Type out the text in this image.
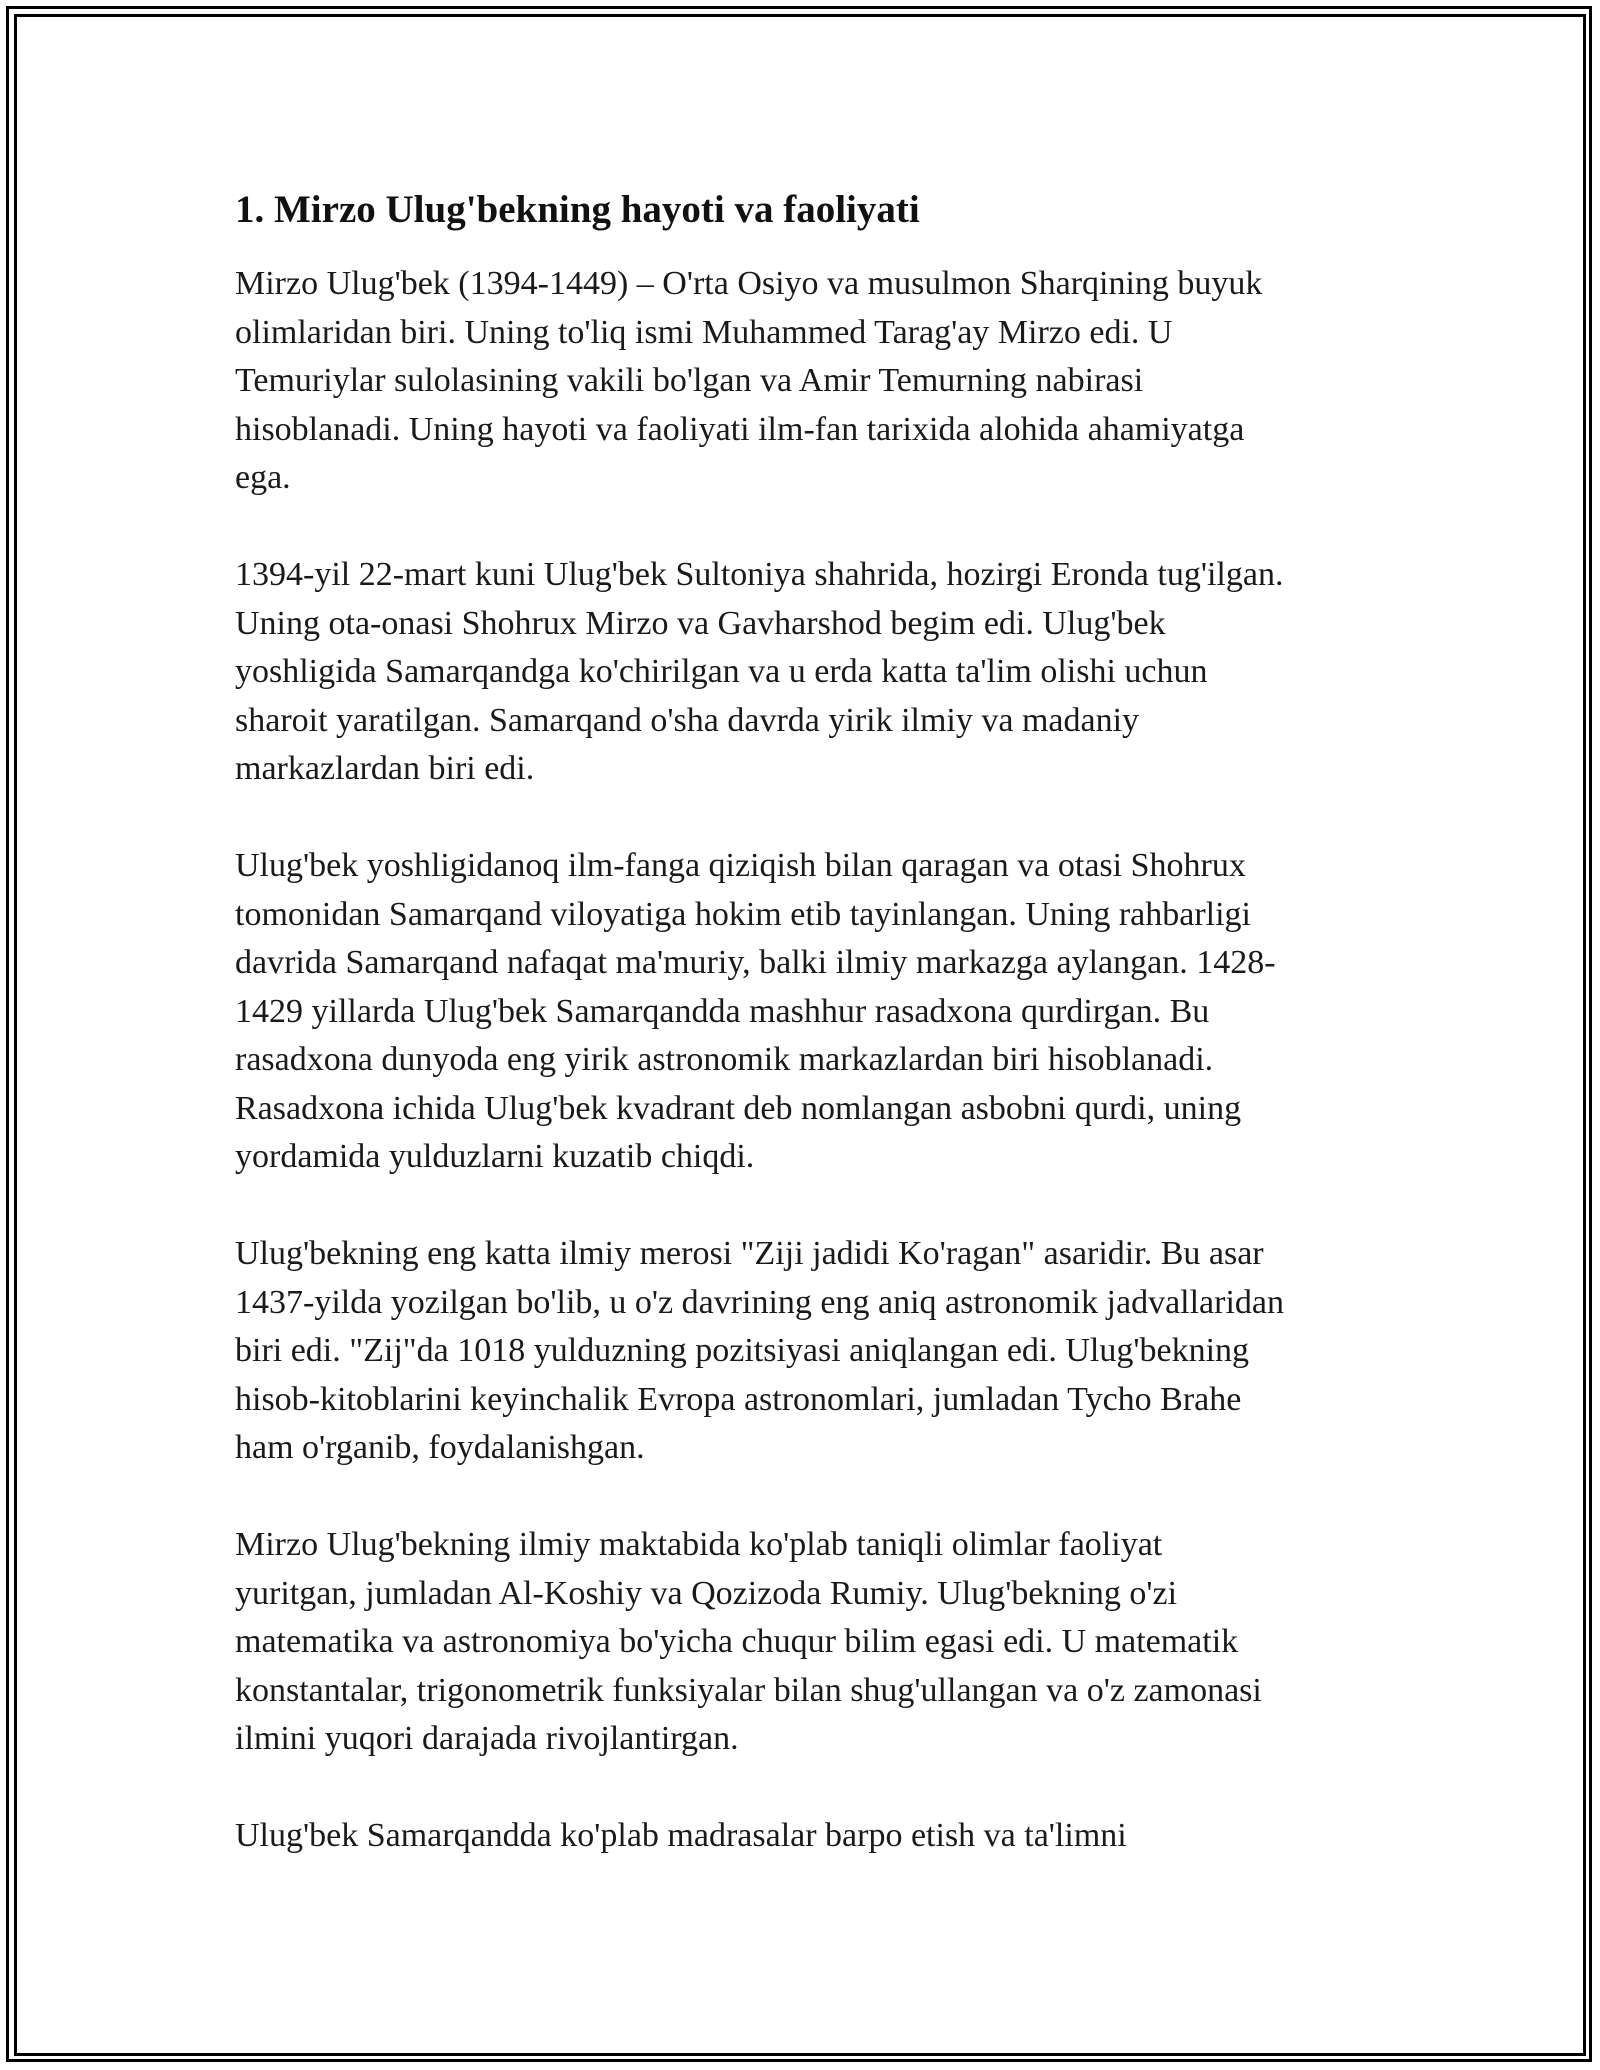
1. Mirzo Ulug'bekning hayoti va faoliyati
Mirzo Ulug'bek (1394-1449) – O'rta Osiyo va musulmon Sharqining buyuk
olimlaridan biri. Uning to'liq ismi Muhammed Tarag'ay Mirzo edi. U
Temuriylar sulolasining vakili bo'lgan va Amir Temurning nabirasi
hisoblanadi. Uning hayoti va faoliyati ilm-fan tarixida alohida ahamiyatga
ega.
1394-yil 22-mart kuni Ulug'bek Sultoniya shahrida, hozirgi Eronda tug'ilgan.
Uning ota-onasi Shohrux Mirzo va Gavharshod begim edi. Ulug'bek
yoshligida Samarqandga ko'chirilgan va u erda katta ta'lim olishi uchun
sharoit yaratilgan. Samarqand o'sha davrda yirik ilmiy va madaniy
markazlardan biri edi.
Ulug'bek yoshligidanoq ilm-fanga qiziqish bilan qaragan va otasi Shohrux
tomonidan Samarqand viloyatiga hokim etib tayinlangan. Uning rahbarligi
davrida Samarqand nafaqat ma'muriy, balki ilmiy markazga aylangan. 1428-
1429 yillarda Ulug'bek Samarqandda mashhur rasadxona qurdirgan. Bu
rasadxona dunyoda eng yirik astronomik markazlardan biri hisoblanadi.
Rasadxona ichida Ulug'bek kvadrant deb nomlangan asbobni qurdi, uning
yordamida yulduzlarni kuzatib chiqdi.
Ulug'bekning eng katta ilmiy merosi "Ziji jadidi Ko'ragan" asaridir. Bu asar
1437-yilda yozilgan bo'lib, u o'z davrining eng aniq astronomik jadvallaridan
biri edi. "Zij"da 1018 yulduzning pozitsiyasi aniqlangan edi. Ulug'bekning
hisob-kitoblarini keyinchalik Evropa astronomlari, jumladan Tycho Brahe
ham o'rganib, foydalanishgan.
Mirzo Ulug'bekning ilmiy maktabida ko'plab taniqli olimlar faoliyat
yuritgan, jumladan Al-Koshiy va Qozizoda Rumiy. Ulug'bekning o'zi
matematika va astronomiya bo'yicha chuqur bilim egasi edi. U matematik
konstantalar, trigonometrik funksiyalar bilan shug'ullangan va o'z zamonasi
ilmini yuqori darajada rivojlantirgan.
Ulug'bek Samarqandda ko'plab madrasalar barpo etish va ta'limni
